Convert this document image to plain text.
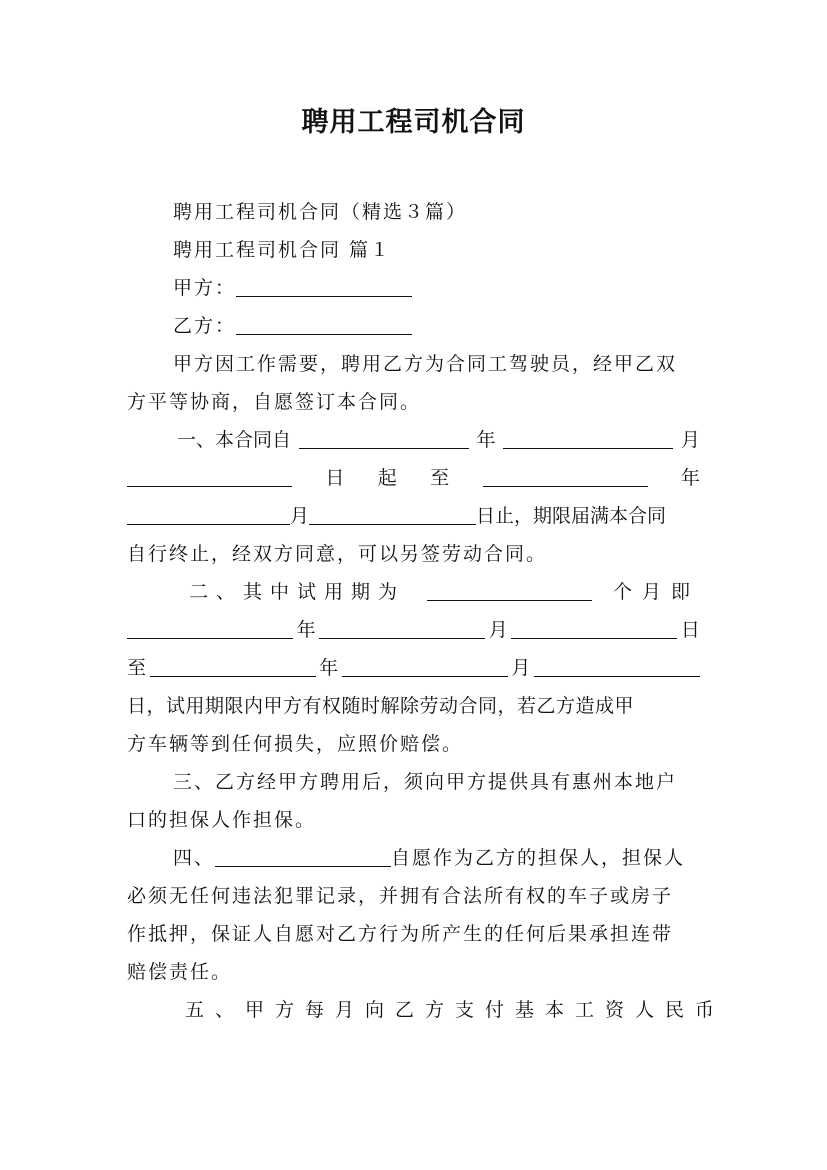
聘用工程司机合同
聘用工程司机合同（精选３篇）
聘用工程司机合同 篇１
甲方：
乙方：
甲方因工作需要，聘用乙方为合同工驾驶员，经甲乙双
方平等协商，自愿签订本合同。
一、本合同自	年	月
日 起 至	年
月	日止，期限届满本合同
自行终止，经双方同意，可以另签劳动合同。
二、其中试用期为	个月即
年	月	日
至	年	月
日，试用期限内甲方有权随时解除劳动合同，若乙方造成甲
方车辆等到任何损失，应照价赔偿。
三、乙方经甲方聘用后，须向甲方提供具有惠州本地户
口的担保人作担保。
四、	自愿作为乙方的担保人，担保人
必须无任何违法犯罪记录，并拥有合法所有权的车子或房子
作抵押，保证人自愿对乙方行为所产生的任何后果承担连带
赔偿责任。
五、甲方每月向乙方支付基本工资人民币
